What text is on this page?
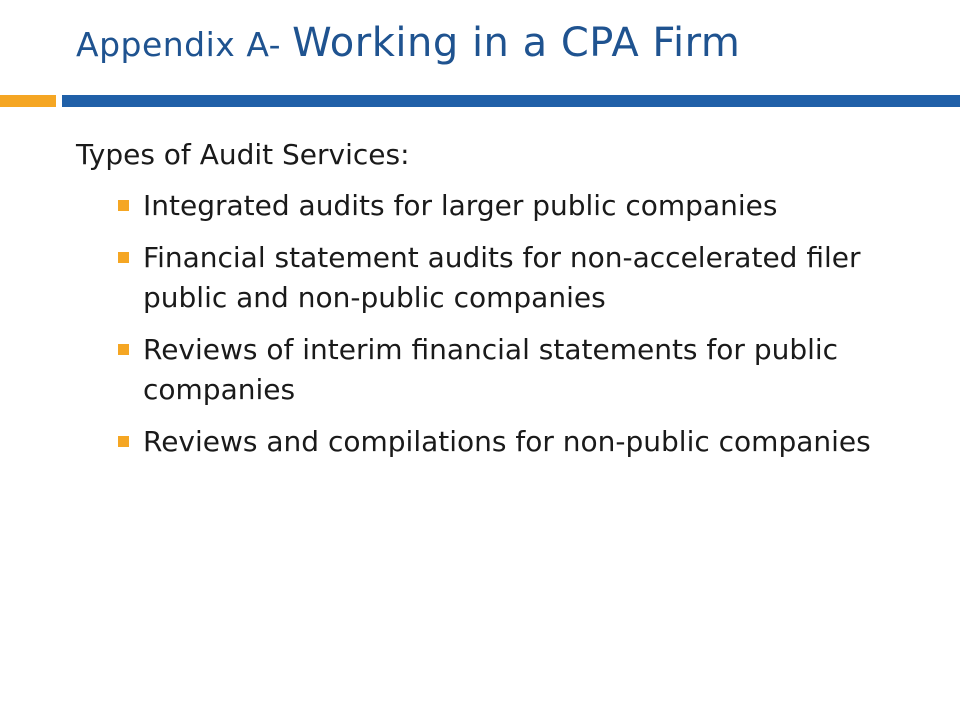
Appendix A- Working in a CPA Firm
Types of Audit Services:
Integrated audits for larger public companies
Financial statement audits for non-accelerated filer public and non-public companies
Reviews of interim financial statements for public companies
Reviews and compilations for non-public companies
